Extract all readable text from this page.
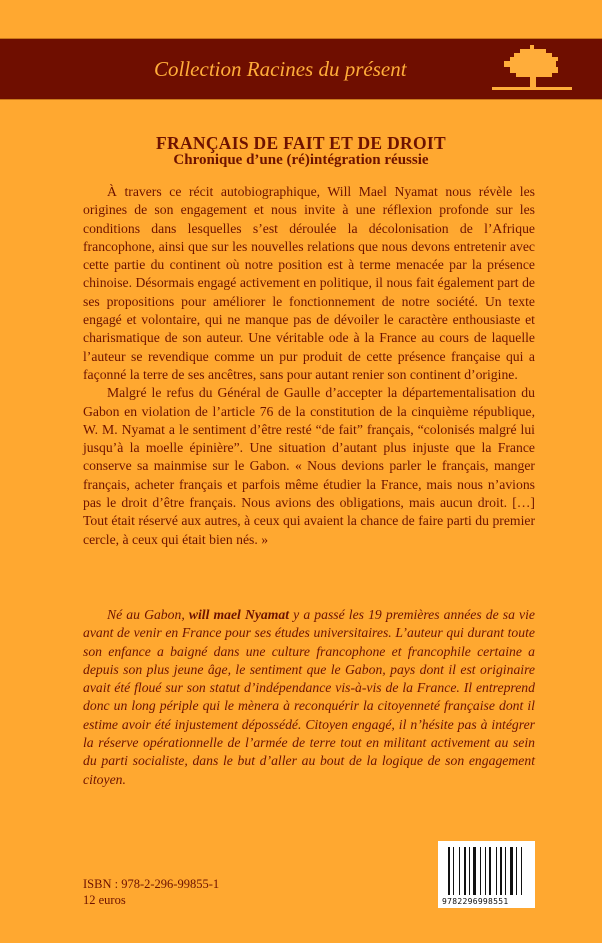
Collection Racines du présent
FRANÇAIS DE FAIT ET DE DROIT
Chronique d’une (ré)intégration réussie

À travers ce récit autobiographique, Will Mael Nyamat nous révèle les origines de son engagement et nous invite à une réflexion profonde sur les conditions dans lesquelles s’est déroulée la décolonisation de l’Afrique francophone, ainsi que sur les nouvelles relations que nous devons entretenir avec cette partie du continent où notre position est à terme menacée par la présence chinoise. Désormais engagé activement en politique, il nous fait également part de ses propositions pour améliorer le fonctionnement de notre société. Un texte engagé et volontaire, qui ne manque pas de dévoiler le caractère enthousiaste et charismatique de son auteur. Une véritable ode à la France au cours de laquelle l’auteur se revendique comme un pur produit de cette présence française qui a façonné la terre de ses ancêtres, sans pour autant renier son continent d’origine.

Malgré le refus du Général de Gaulle d’accepter la départementalisation du Gabon en violation de l’article 76 de la constitution de la cinquième république, W. M. Nyamat a le sentiment d’être resté “de fait” français, “colonisés malgré lui jusqu’à la moelle épinière”. Une situation d’autant plus injuste que la France conserve sa mainmise sur le Gabon. « Nous devions parler le français, manger français, acheter français et parfois même étudier la France, mais nous n’avions pas le droit d’être français. Nous avions des obligations, mais aucun droit. […] Tout était réservé aux autres, à ceux qui avaient la chance de faire parti du premier cercle, à ceux qui était bien nés. »

Né au Gabon, will mael Nyamat y a passé les 19 premières années de sa vie avant de venir en France pour ses études universitaires. L’auteur qui durant toute son enfance a baigné dans une culture francophone et francophile certaine a depuis son plus jeune âge, le sentiment que le Gabon, pays dont il est originaire avait été floué sur son statut d’indépendance vis-à-vis de la France. Il entreprend donc un long périple qui le mènera à reconquérir la citoyenneté française dont il estime avoir été injustement dépossédé. Citoyen engagé, il n’hésite pas à intégrer la réserve opérationnelle de l’armée de terre tout en militant activement au sein du parti socialiste, dans le but d’aller au bout de la logique de son engagement citoyen.

ISBN : 978-2-296-99855-1
12 euros	9782296998551
